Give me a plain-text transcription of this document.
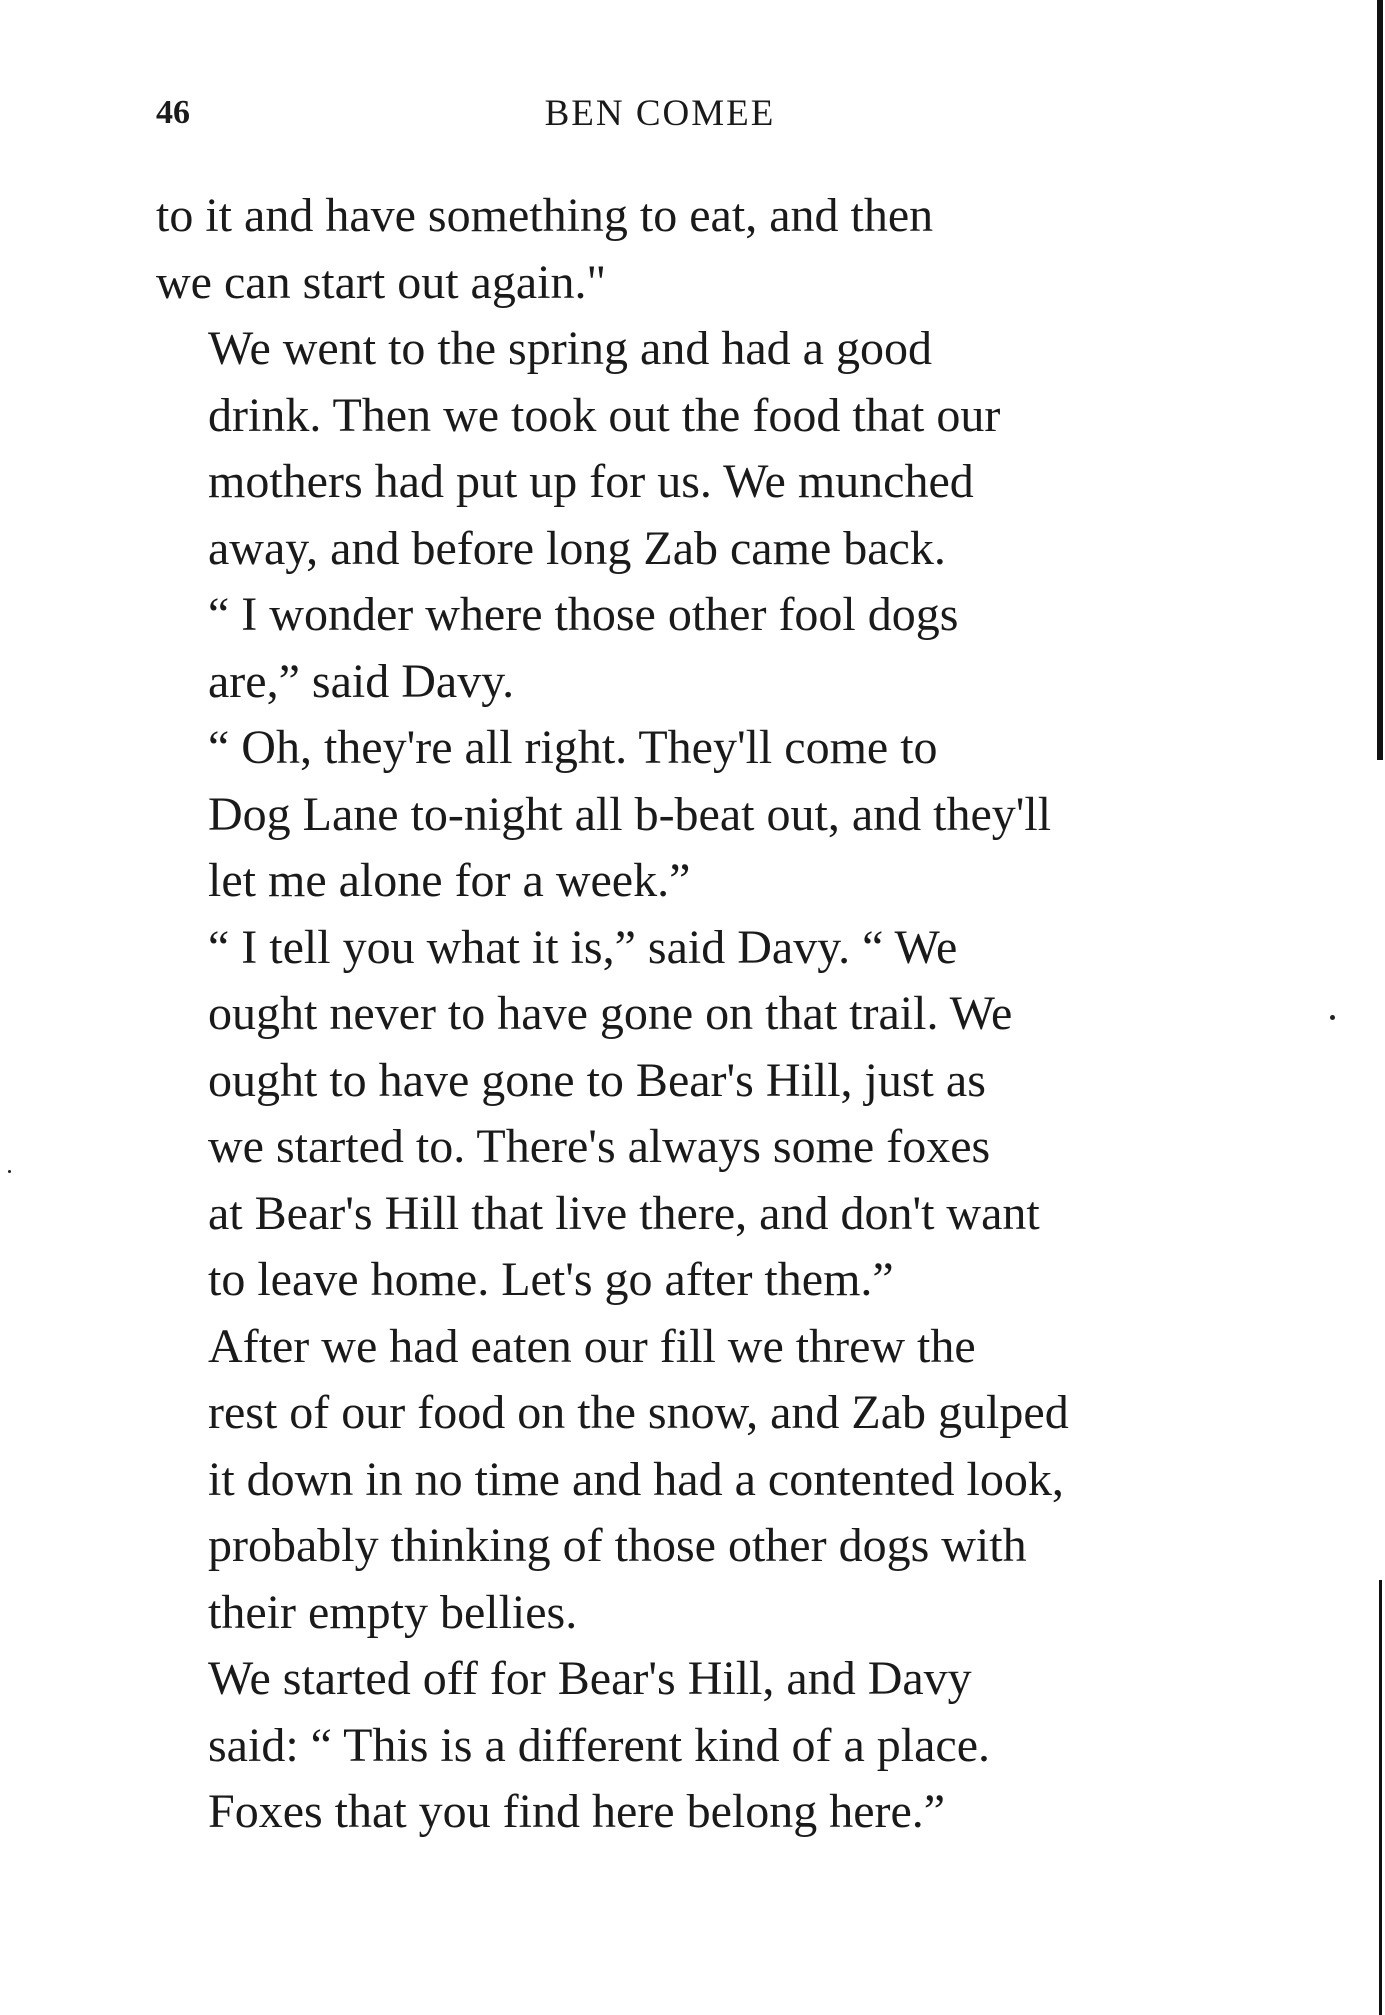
46	BEN COMEE

to it and have something to eat, and then
we can start out again."

We went to the spring and had a good
drink. Then we took out the food that our
mothers had put up for us. We munched
away, and before long Zab came back.

“ I wonder where those other fool dogs
are,” said Davy.

“ Oh, they're all right. They'll come to
Dog Lane to-night all b-beat out, and they'll
let me alone for a week.”

“ I tell you what it is,” said Davy. “ We
ought never to have gone on that trail. We
ought to have gone to Bear's Hill, just as
we started to. There's always some foxes
at Bear's Hill that live there, and don't want
to leave home. Let's go after them.”

After we had eaten our fill we threw the
rest of our food on the snow, and Zab gulped
it down in no time and had a contented look,
probably thinking of those other dogs with
their empty bellies.

We started off for Bear's Hill, and Davy
said: “ This is a different kind of a place.
Foxes that you find here belong here.”
